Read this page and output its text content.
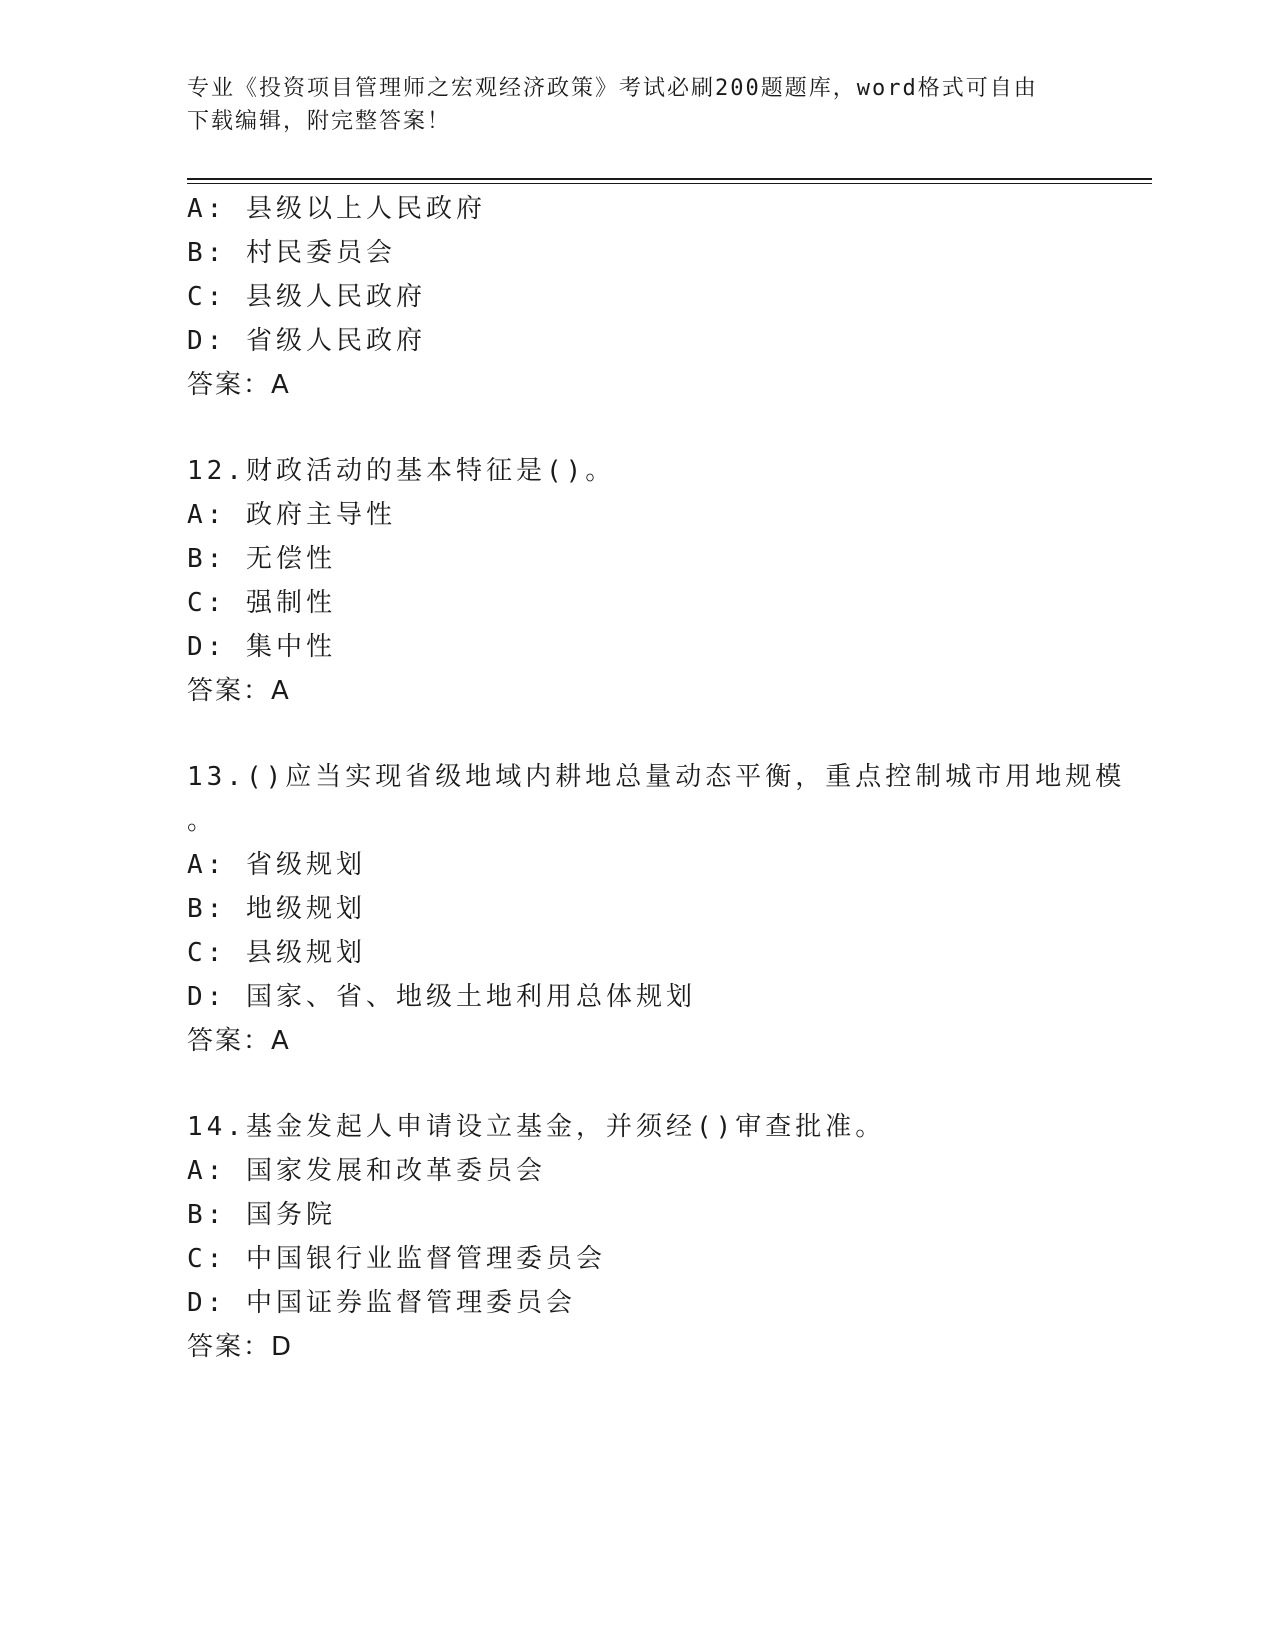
专业《投资项目管理师之宏观经济政策》考试必刷200题题库，word格式可自由
下载编辑，附完整答案！
A: 县级以上人民政府
B: 村民委员会
C: 县级人民政府
D: 省级人民政府
答案：A
12.财政活动的基本特征是()。
A: 政府主导性
B: 无偿性
C: 强制性
D: 集中性
答案：A
13.()应当实现省级地域内耕地总量动态平衡，重点控制城市用地规模
。
A: 省级规划
B: 地级规划
C: 县级规划
D: 国家、省、地级土地利用总体规划
答案：A
14.基金发起人申请设立基金，并须经()审查批准。
A: 国家发展和改革委员会
B: 国务院
C: 中国银行业监督管理委员会
D: 中国证券监督管理委员会
答案：D
